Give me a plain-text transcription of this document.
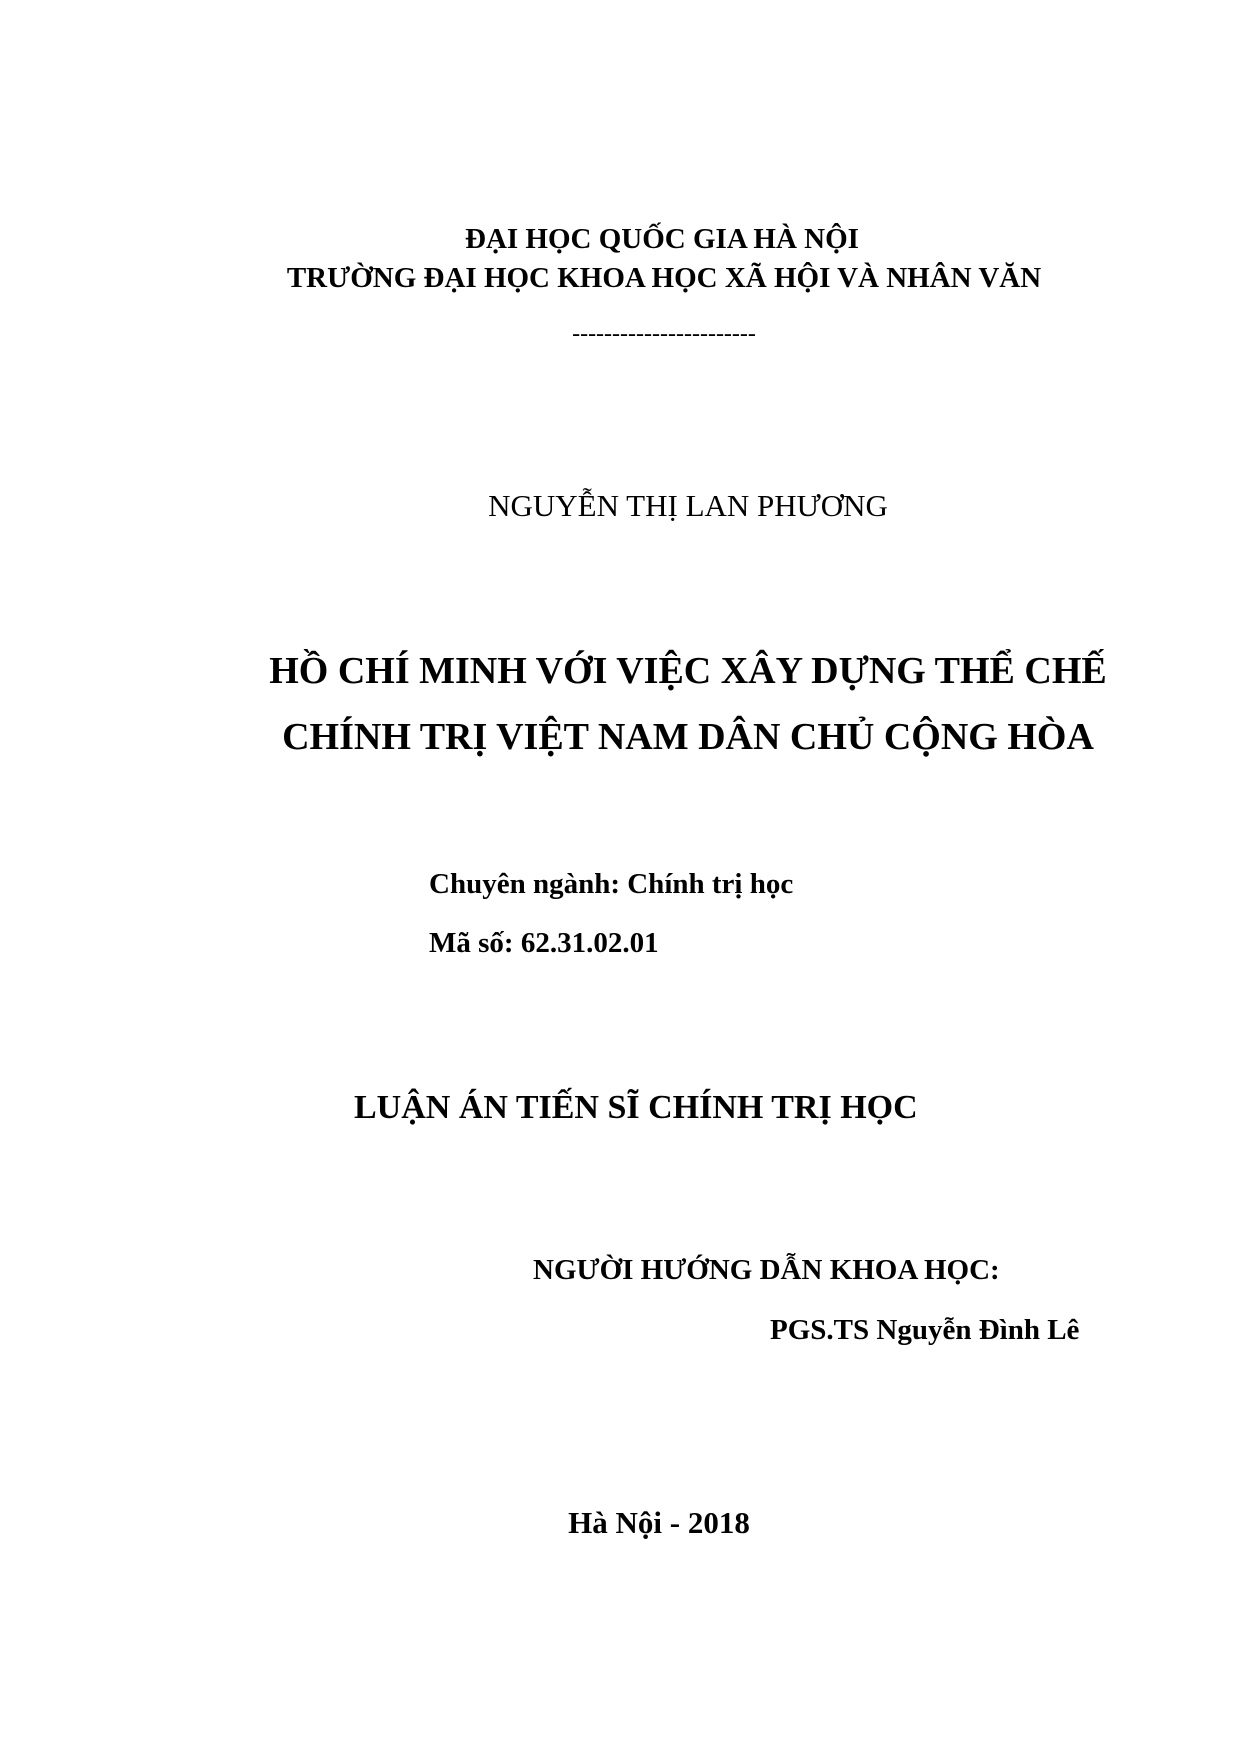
ĐẠI HỌC QUỐC GIA HÀ NỘI
TRƯỜNG ĐẠI HỌC KHOA HỌC XÃ HỘI VÀ NHÂN VĂN
-----------------------
NGUYỄN THỊ LAN PHƯƠNG
HỒ CHÍ MINH VỚI VIỆC XÂY DỰNG THỂ CHẾ
CHÍNH TRỊ VIỆT NAM DÂN CHỦ CỘNG HÒA
Chuyên ngành: Chính trị học
Mã số: 62.31.02.01
LUẬN ÁN TIẾN SĨ CHÍNH TRỊ HỌC
NGƯỜI HƯỚNG DẪN KHOA HỌC:
PGS.TS Nguyễn Đình Lê
Hà Nội - 2018
